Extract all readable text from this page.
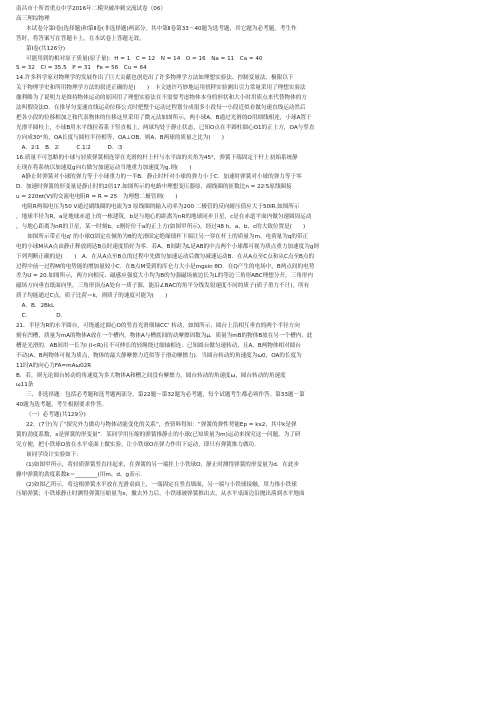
南昌市十所省重点中学2016年二模突破冲刺交流试卷（06）
高三理综物理
本试卷分第Ⅰ卷(选择题)和第Ⅱ卷(非选择题)两部分。其中第Ⅱ卷第33～40题为选考题，其它题为必考题。考生作
答时，将答案写在答题卡上，在本试卷上答题无效。
第Ⅰ卷(共126分)
可能用到的相对原子质量(原子量)：H = 1　C = 12　N = 14　O = 16　Na = 11　Ca = 40
S = 32　Cl = 35.5　P = 31　Fe = 56　Cu = 64
14.许多科学家对物理学的发展作出了巨大贡献也创造出了许多物理学方法如理想实验法、控制变量法、极限以下
关于物理学史和所用物理学方法的叙述正确的是(　　)　卡文迪许巧妙地运用扭秤实验测出引力常量采用了理想实验法
伽利略为了说明力是维持物体运动的原因用了理想实验法在不需要考虑物体本身的形状和大小时用质点来代替物体的方
法叫假设法D．在推导匀变速直线运动位移公式时把整个运动过程划分成很多小段每一小段近似看做匀速直线运动然后
把各小段的位移相加之和代表物体的位移这里采用了微元法如图所示，两小球A、B通过光滑的O用细线相连，小球A置于
光滑半圆柱上，小球B用水平线拉着系于竖直板上，两球均处于静止状态，已知O点在半圆柱圆心O1的正上方，OA与竖直
方向成30°角，OA长度与圆柱半径相等，OA⊥OB，则A、B两球的质量之比为(　　)
　A．2∶1　B．2∶　　　C.1∶2　　　D．∶3
16.质量不可忽略的小球与轻质弹簧相连穿在光滑的杆上杆与水平面的夹角为45°，弹簧下端固定于杆上初始系统静
止现在将系统以加速度g向右做匀加速运动当地重力加速度为g.则(　　)
　A静止时弹簧对小球的弹力等于小球重力的一半B．静止时杆对小球的弹力小于C．加速时弹簧对小球的弹力等于零
D．加速时弹簧的形变量是静止时的2倍17.如图所示的电路中理想变压器原、副线圈的匝数比n = 22∶5原线圈接
u = 220πt(V)的交流电电阻R = R = 25　为理想二极管则(　　)
　电阻R两端电压为50 V通过副线圈的电流为3 原线圈的输入功率为200 二极管的反向耐压值应大于50lR.如图所示
，地球半径为R，a是地球赤道上的一栋建筑，b是与地心的距离为nR的地球同步卫星，c是在赤道平面内做匀速圆周运动
，与地心距离为nR的卫星，某一时刻b、c刚好位于a的正上方(如图甲所示)，经过48 h，a、b、c的大致位置是(　　)
　　如图所示带正电q' 的小球Q固定在倾角为θ的光滑固定绝缘细杆下端让另一穿在杆上的质量为m、电荷量为q的带正
电的小球M从A点由静止释放到达B点时速度恰好为零．若A、B间距为L是AB的中点两个小球都可视为质点重力加速度为g则
下列判断正确的是(　　)　A．在从A点至B点的过程中先做匀加速运动后做匀减速运动B．在从A点至C点和从C点至B点的
过程中前一过程M的电势能的增加量较小C．在B点M受到的库仑力大小是mgsin θD．在Q产生的电场中，B两点间的电势
差为U = 20.如图所示，两方向相反、磁感应强度大小均为B的匀强磁场被边长为L的等边三角形ABC理想分开，三角形内
磁场方向垂直纸面向里，三角形顶点A处有一质子源，能沿∠BAC的角平分线发射速度不同的质子(质子重力不计)，所有
质子均能通过C点，质子比荷＝k，则质子的速度可能为(　　)
　A．B．2BkL
　C．　　　　　D．
21．半径为R的水平圆台，可绕通过圆心O的竖直光滑细轴CC' 转动，如图所示，圆台上沿相互垂直的两个半径方向
刻有凹槽，质量为mA的物体A放在一个槽内，物体A与槽底间的动摩擦因数为μ，质量为mB的物体B放在另一个槽内，此
槽是光滑的．AB间用一长为l (l<R)且不可伸长的轻绳绕过细轴相连．已知圆台做匀速转动，且A、B两物体相对圆台
不动(A、B两物体可视为质点，物体的最大静摩擦力近似等于滑动摩擦力)．当圆台转动的角速度为ω0，OA的长度为
11时A的向心力FA=mAω02R
B．若，则无论圆台转动的角速度为多大物体A和槽之间没有摩擦力，圆台转动的角速度ω，圆台转动的角速度
ω11条
三、非选择题：包括必考题和选考题两部分。第22题～第32题为必考题，每个试题考生都必须作答。第33题－第
40题为选考题，考生根据要求作答。
（一）必考题(共129分)
22．(7分)为了“探究外力做功与物体动能变化的关系”，查资料得知：“弹簧的弹性势能Ep = kx2，其中k是弹
簧的劲度系数，x是弹簧的形变量”．某同学用压缩的弹簧推静止的小球(已知质量为m)运动来探究这一问题，为了研
究方便，把小铁球O放在水平桌面上做实验，让小铁球O在弹力作用下运动，即只有弹簧推力做功．
该同学设计实验如下：
(1)如图甲所示，将轻质弹簧竖直挂起来，在弹簧的另一端挂上小铁球O，静止时测得弹簧的形变量为d．在此步
骤中弹簧的劲度系数k＝________(用m、d、g表示．
(2)如图乙所示，将这根弹簧水平放在光滑桌面上，一端固定在竖直墙面，另一端与小铁球接触，用力推小铁球
压缩弹簧；小铁球静止时测得弹簧压缩量为x，撤去外力后，小铁球被弹簧推出去，从水平桌面边沿抛出落到水平地面
